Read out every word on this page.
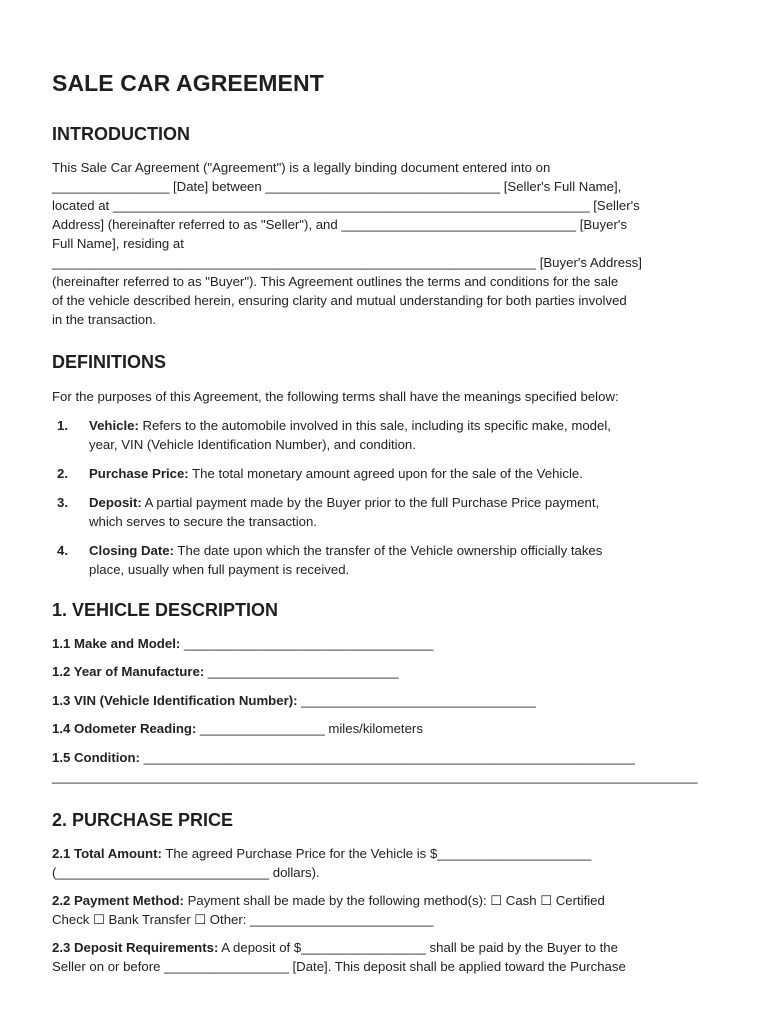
SALE CAR AGREEMENT
INTRODUCTION

This Sale Car Agreement ("Agreement") is a legally binding document entered into on

________________ [Date] between ________________________________ [Seller's Full Name],

located at _________________________________________________________________ [Seller's

Address] (hereinafter referred to as "Seller"), and ________________________________ [Buyer's

Full Name], residing at

__________________________________________________________________ [Buyer's Address]

(hereinafter referred to as "Buyer"). This Agreement outlines the terms and conditions for the sale

of the vehicle described herein, ensuring clarity and mutual understanding for both parties involved

in the transaction.

DEFINITIONS

For the purposes of this Agreement, the following terms shall have the meanings specified below:

1. Vehicle: Refers to the automobile involved in this sale, including its specific make, model,
year, VIN (Vehicle Identification Number), and condition.
2. Purchase Price: The total monetary amount agreed upon for the sale of the Vehicle.
3. Deposit: A partial payment made by the Buyer prior to the full Purchase Price payment,
which serves to secure the transaction.
4. Closing Date: The date upon which the transfer of the Vehicle ownership officially takes
place, usually when full payment is received.
1. VEHICLE DESCRIPTION

1.1 Make and Model: __________________________________

1.2 Year of Manufacture: __________________________

1.3 VIN (Vehicle Identification Number): ________________________________

1.4 Odometer Reading: _________________ miles/kilometers

1.5 Condition: ___________________________________________________________________

________________________________________________________________________________________

2. PURCHASE PRICE

2.1 Total Amount: The agreed Purchase Price for the Vehicle is $_____________________

(_____________________________ dollars).

2.2 Payment Method: Payment shall be made by the following method(s): ☐ Cash ☐ Certified

Check ☐ Bank Transfer ☐ Other: _________________________

2.3 Deposit Requirements: A deposit of $_________________ shall be paid by the Buyer to the

Seller on or before _________________ [Date]. This deposit shall be applied toward the Purchase
